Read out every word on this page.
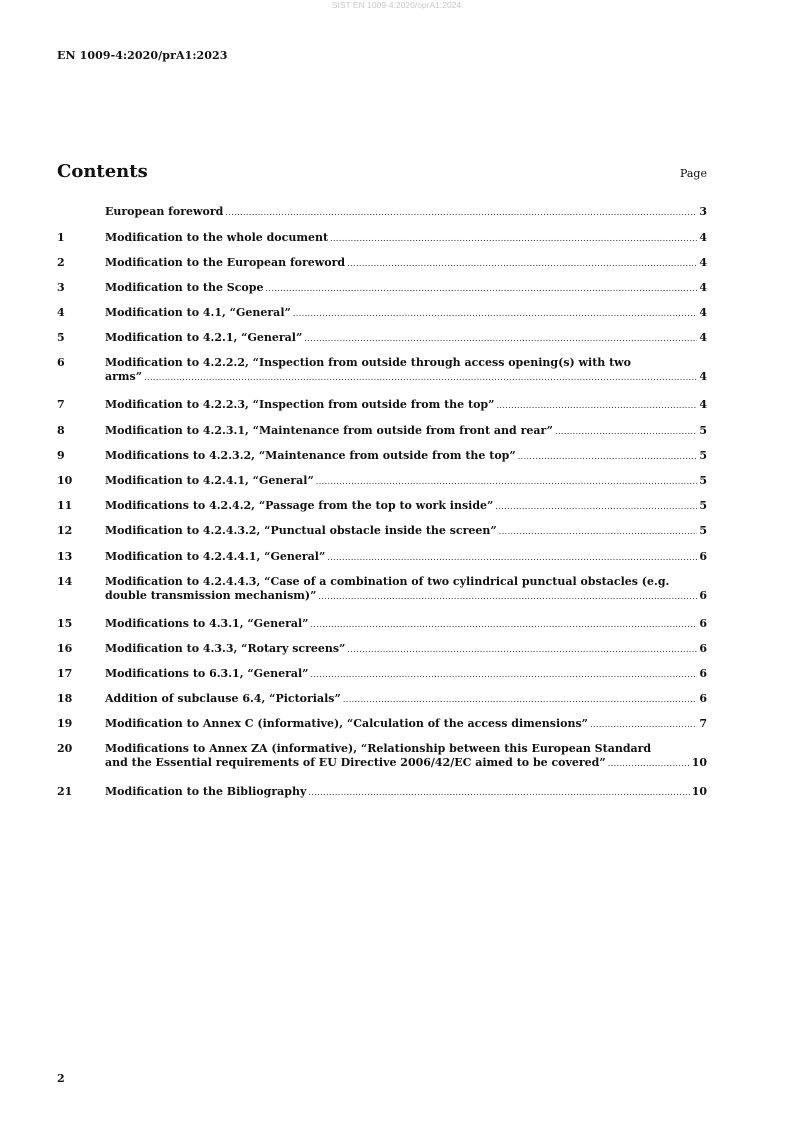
SIST EN 1009-4:2020/oprA1:2024
EN 1009-4:2020/prA1:2023
Contents	Page
European foreword .....	3
1	Modification to the whole document .....	4
2	Modification to the European foreword .....	4
3	Modification to the Scope .....	4
4	Modification to 4.1, “General” .....	4
5	Modification to 4.2.1, “General” .....	4
6	Modification to 4.2.2.2, “Inspection from outside through access opening(s) with two
arms” .....	4
7	Modification to 4.2.2.3, “Inspection from outside from the top” .....	4
8	Modification to 4.2.3.1, “Maintenance from outside from front and rear” .....	5
9	Modifications to 4.2.3.2, “Maintenance from outside from the top” .....	5
10	Modification to 4.2.4.1, “General” .....	5
11	Modifications to 4.2.4.2, “Passage from the top to work inside” .....	5
12	Modification to 4.2.4.3.2, “Punctual obstacle inside the screen” .....	5
13	Modification to 4.2.4.4.1, “General” .....	6
14	Modification to 4.2.4.4.3, “Case of a combination of two cylindrical punctual obstacles (e.g.
double transmission mechanism)” .....	6
15	Modifications to 4.3.1, “General” .....	6
16	Modification to 4.3.3, “Rotary screens” .....	6
17	Modifications to 6.3.1, “General” .....	6
18	Addition of subclause 6.4, “Pictorials” .....	6
19	Modification to Annex C (informative), “Calculation of the access dimensions” .....	7
20	Modifications to Annex ZA (informative), “Relationship between this European Standard
and the Essential requirements of EU Directive 2006/42/EC aimed to be covered” .....	10
21	Modification to the Bibliography .....	10
2
